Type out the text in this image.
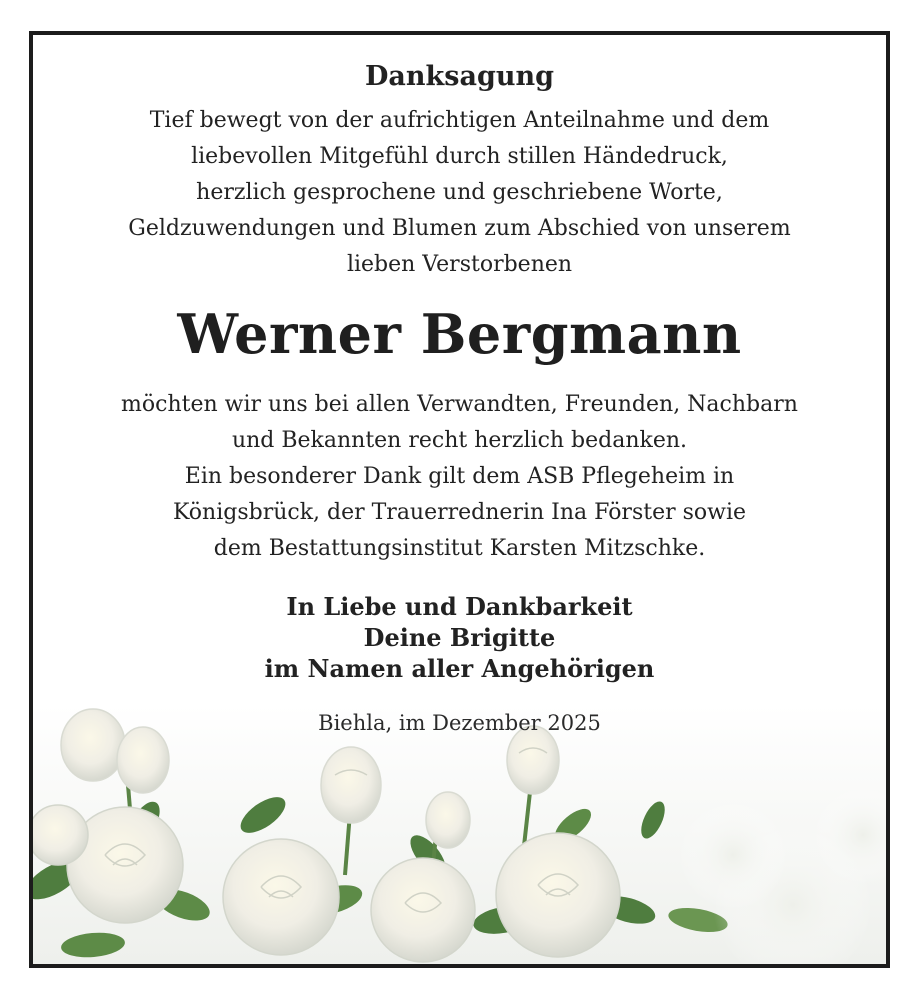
Danksagung
Tief bewegt von der aufrichtigen Anteilnahme und dem
liebevollen Mitgefühl durch stillen Händedruck,
herzlich gesprochene und geschriebene Worte,
Geldzuwendungen und Blumen zum Abschied von unserem
lieben Verstorbenen
Werner Bergmann
möchten wir uns bei allen Verwandten, Freunden, Nachbarn
und Bekannten recht herzlich bedanken.
Ein besonderer Dank gilt dem ASB Pflegeheim in
Königsbrück, der Trauerrednerin Ina Förster sowie
dem Bestattungsinstitut Karsten Mitzschke.
In Liebe und Dankbarkeit
Deine Brigitte
im Namen aller Angehörigen
Biehla, im Dezember 2025
